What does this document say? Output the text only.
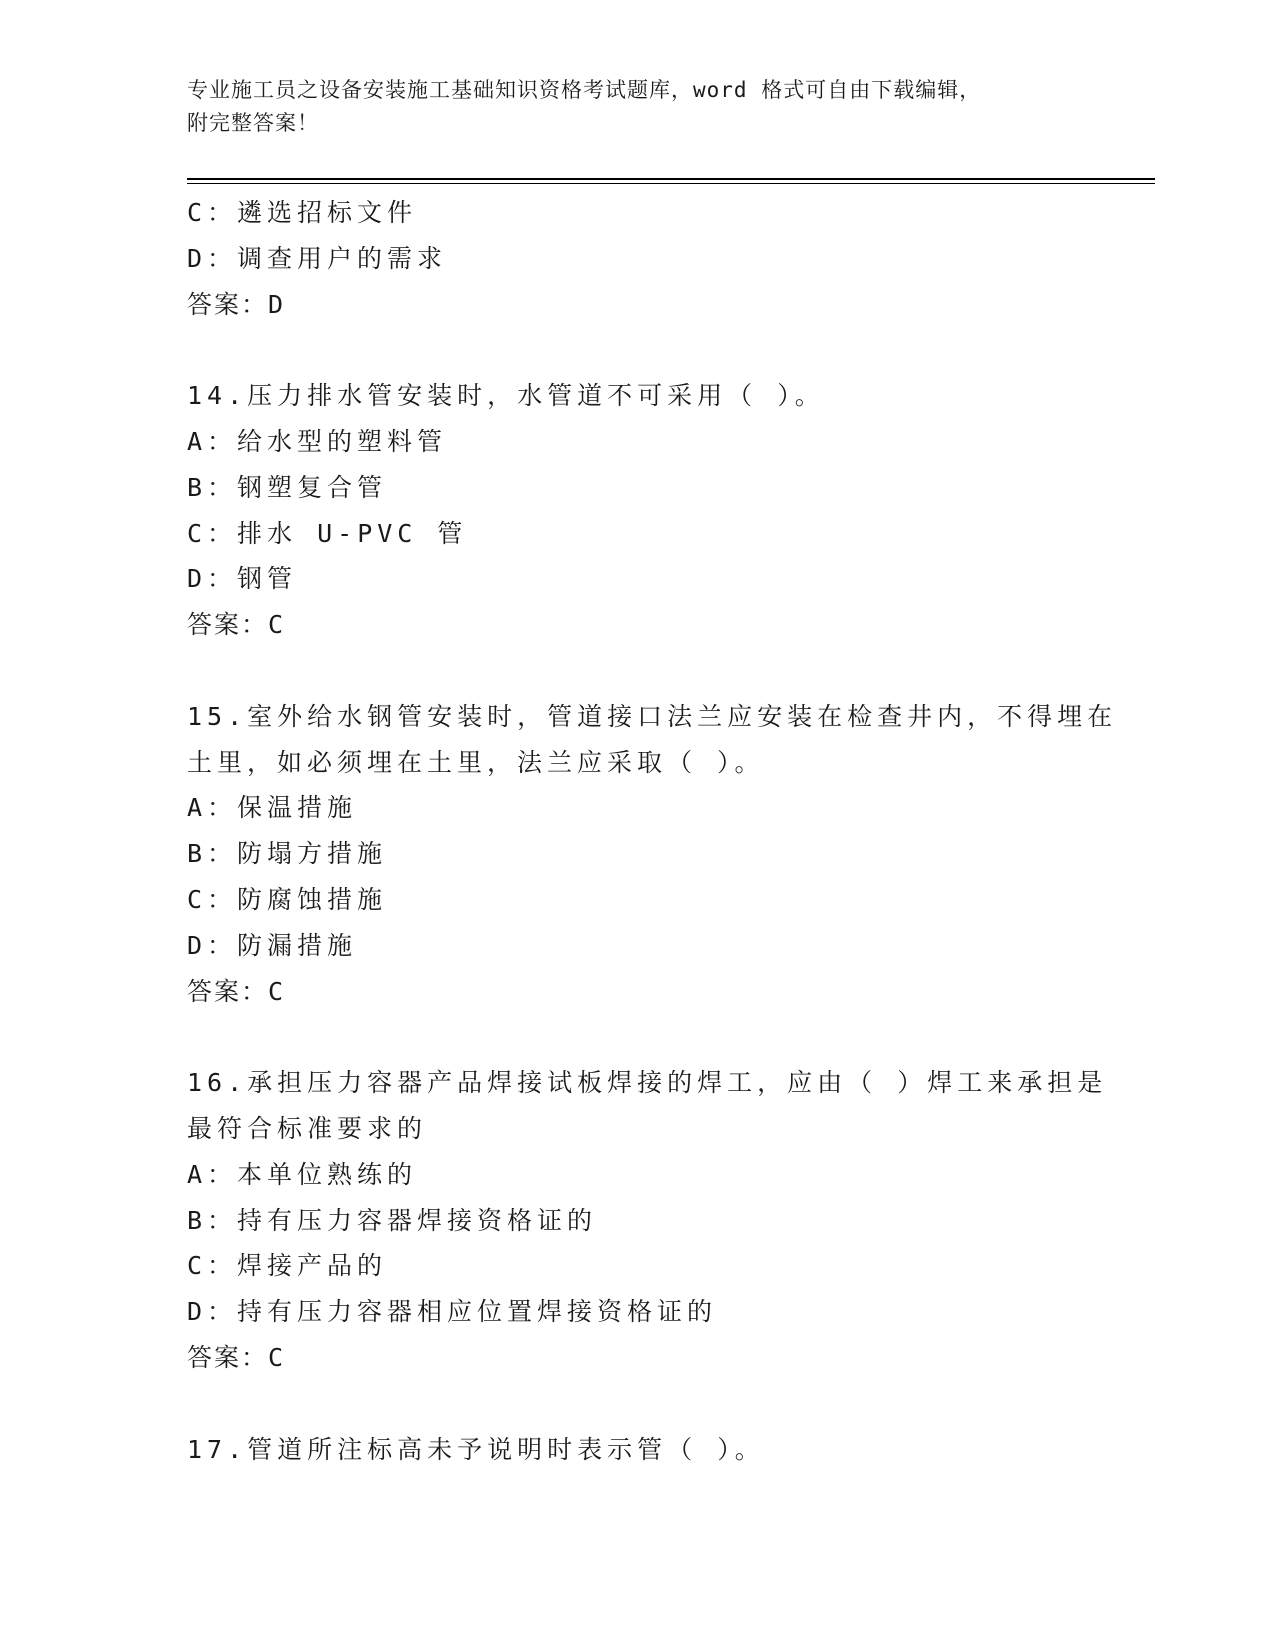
专业施工员之设备安装施工基础知识资格考试题库，word 格式可自由下载编辑，
附完整答案！
C：遴选招标文件
D：调查用户的需求
答案：D
14.压力排水管安装时，水管道不可采用（ ）。
A：给水型的塑料管
B：钢塑复合管
C：排水 U-PVC 管
D：钢管
答案：C
15.室外给水钢管安装时，管道接口法兰应安装在检查井内，不得埋在
土里，如必须埋在土里，法兰应采取（ ）。
A：保温措施
B：防塌方措施
C：防腐蚀措施
D：防漏措施
答案：C
16.承担压力容器产品焊接试板焊接的焊工，应由（ ）焊工来承担是
最符合标准要求的
A：本单位熟练的
B：持有压力容器焊接资格证的
C：焊接产品的
D：持有压力容器相应位置焊接资格证的
答案：C
17.管道所注标高未予说明时表示管（ ）。
